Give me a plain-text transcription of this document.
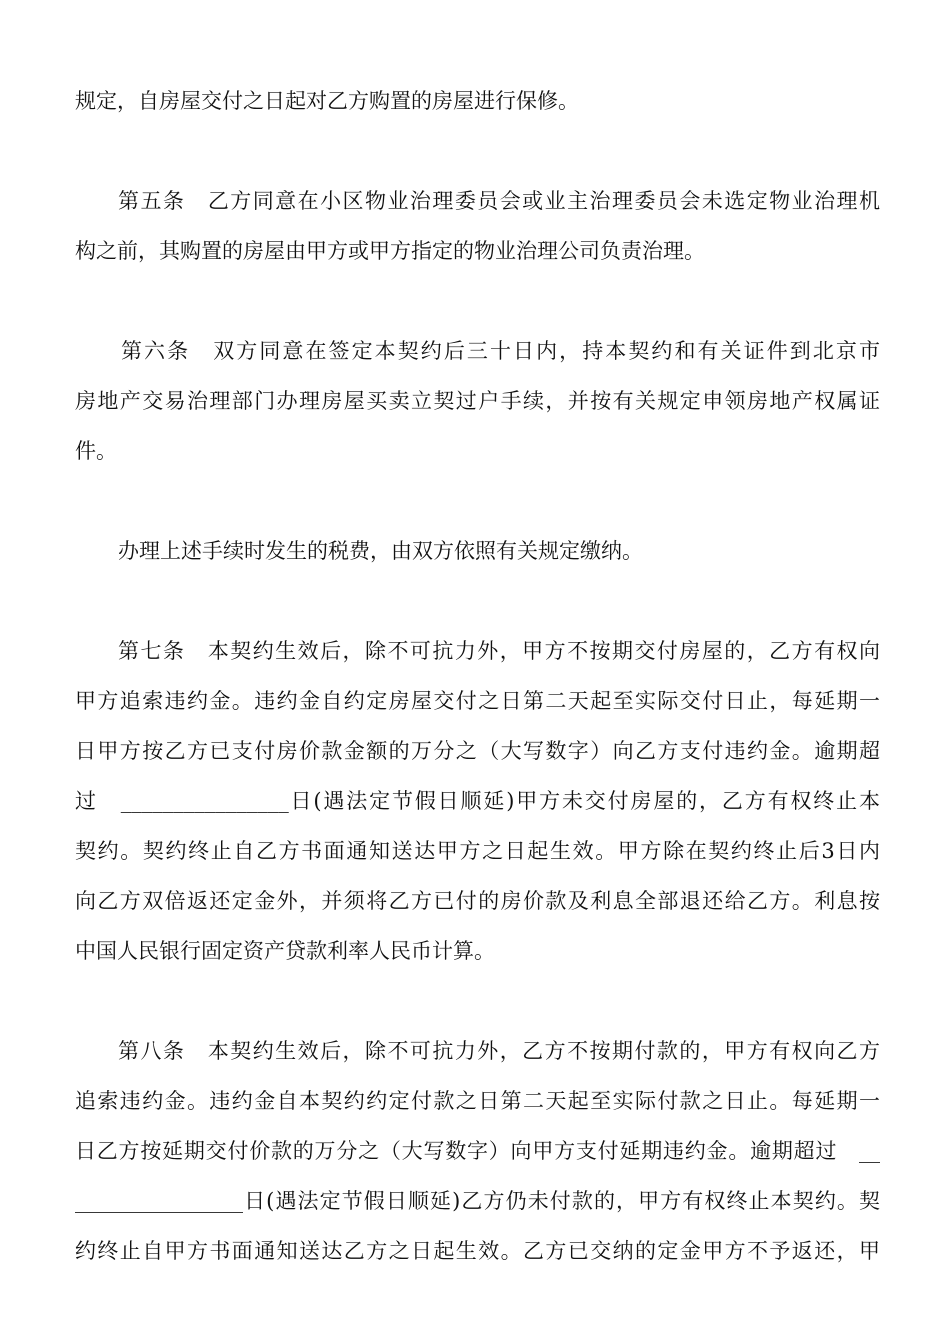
规定，自房屋交付之日起对乙方购置的房屋进行保修。
第五条　乙方同意在小区物业治理委员会或业主治理委员会未选定物业治理机
构之前，其购置的房屋由甲方或甲方指定的物业治理公司负责治理。
第六条　双方同意在签定本契约后三十日内，持本契约和有关证件到北京市
房地产交易治理部门办理房屋买卖立契过户手续，并按有关规定申领房地产权属证
件。
办理上述手续时发生的税费，由双方依照有关规定缴纳。
第七条　本契约生效后，除不可抗力外，甲方不按期交付房屋的，乙方有权向
甲方追索违约金。违约金自约定房屋交付之日第二天起至实际交付日止，每延期一
日甲方按乙方已支付房价款金额的万分之（大写数字）向乙方支付违约金。逾期超
过　________________日(遇法定节假日顺延)甲方未交付房屋的，乙方有权终止本
契约。契约终止自乙方书面通知送达甲方之日起生效。甲方除在契约终止后3日内
向乙方双倍返还定金外，并须将乙方已付的房价款及利息全部退还给乙方。利息按
中国人民银行固定资产贷款利率人民币计算。
第八条　本契约生效后，除不可抗力外，乙方不按期付款的，甲方有权向乙方
追索违约金。违约金自本契约约定付款之日第二天起至实际付款之日止。每延期一
日乙方按延期交付价款的万分之（大写数字）向甲方支付延期违约金。逾期超过　__
________________日(遇法定节假日顺延)乙方仍未付款的，甲方有权终止本契约。契
约终止自甲方书面通知送达乙方之日起生效。乙方已交纳的定金甲方不予返还，甲
